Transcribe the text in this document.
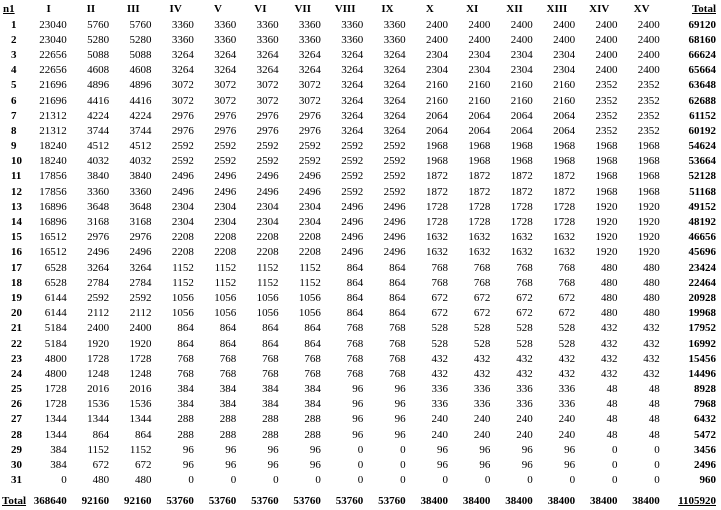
n1	I	II	III	IV	V	VI	VII	VIII	IX	X	XI	XII	XIII	XIV	XV	Total
1	23040	5760	5760	3360	3360	3360	3360	3360	3360	2400	2400	2400	2400	2400	2400	69120
2	23040	5280	5280	3360	3360	3360	3360	3360	3360	2400	2400	2400	2400	2400	2400	68160
3	22656	5088	5088	3264	3264	3264	3264	3264	3264	2304	2304	2304	2304	2400	2400	66624
4	22656	4608	4608	3264	3264	3264	3264	3264	3264	2304	2304	2304	2304	2400	2400	65664
5	21696	4896	4896	3072	3072	3072	3072	3264	3264	2160	2160	2160	2160	2352	2352	63648
6	21696	4416	4416	3072	3072	3072	3072	3264	3264	2160	2160	2160	2160	2352	2352	62688
7	21312	4224	4224	2976	2976	2976	2976	3264	3264	2064	2064	2064	2064	2352	2352	61152
8	21312	3744	3744	2976	2976	2976	2976	3264	3264	2064	2064	2064	2064	2352	2352	60192
9	18240	4512	4512	2592	2592	2592	2592	2592	2592	1968	1968	1968	1968	1968	1968	54624
10	18240	4032	4032	2592	2592	2592	2592	2592	2592	1968	1968	1968	1968	1968	1968	53664
11	17856	3840	3840	2496	2496	2496	2496	2592	2592	1872	1872	1872	1872	1968	1968	52128
12	17856	3360	3360	2496	2496	2496	2496	2592	2592	1872	1872	1872	1872	1968	1968	51168
13	16896	3648	3648	2304	2304	2304	2304	2496	2496	1728	1728	1728	1728	1920	1920	49152
14	16896	3168	3168	2304	2304	2304	2304	2496	2496	1728	1728	1728	1728	1920	1920	48192
15	16512	2976	2976	2208	2208	2208	2208	2496	2496	1632	1632	1632	1632	1920	1920	46656
16	16512	2496	2496	2208	2208	2208	2208	2496	2496	1632	1632	1632	1632	1920	1920	45696
17	6528	3264	3264	1152	1152	1152	1152	864	864	768	768	768	768	480	480	23424
18	6528	2784	2784	1152	1152	1152	1152	864	864	768	768	768	768	480	480	22464
19	6144	2592	2592	1056	1056	1056	1056	864	864	672	672	672	672	480	480	20928
20	6144	2112	2112	1056	1056	1056	1056	864	864	672	672	672	672	480	480	19968
21	5184	2400	2400	864	864	864	864	768	768	528	528	528	528	432	432	17952
22	5184	1920	1920	864	864	864	864	768	768	528	528	528	528	432	432	16992
23	4800	1728	1728	768	768	768	768	768	768	432	432	432	432	432	432	15456
24	4800	1248	1248	768	768	768	768	768	768	432	432	432	432	432	432	14496
25	1728	2016	2016	384	384	384	384	96	96	336	336	336	336	48	48	8928
26	1728	1536	1536	384	384	384	384	96	96	336	336	336	336	48	48	7968
27	1344	1344	1344	288	288	288	288	96	96	240	240	240	240	48	48	6432
28	1344	864	864	288	288	288	288	96	96	240	240	240	240	48	48	5472
29	384	1152	1152	96	96	96	96	0	0	96	96	96	96	0	0	3456
30	384	672	672	96	96	96	96	0	0	96	96	96	96	0	0	2496
31	0	480	480	0	0	0	0	0	0	0	0	0	0	0	0	960

Total	368640	92160	92160	53760	53760	53760	53760	53760	53760	38400	38400	38400	38400	38400	38400	1105920
